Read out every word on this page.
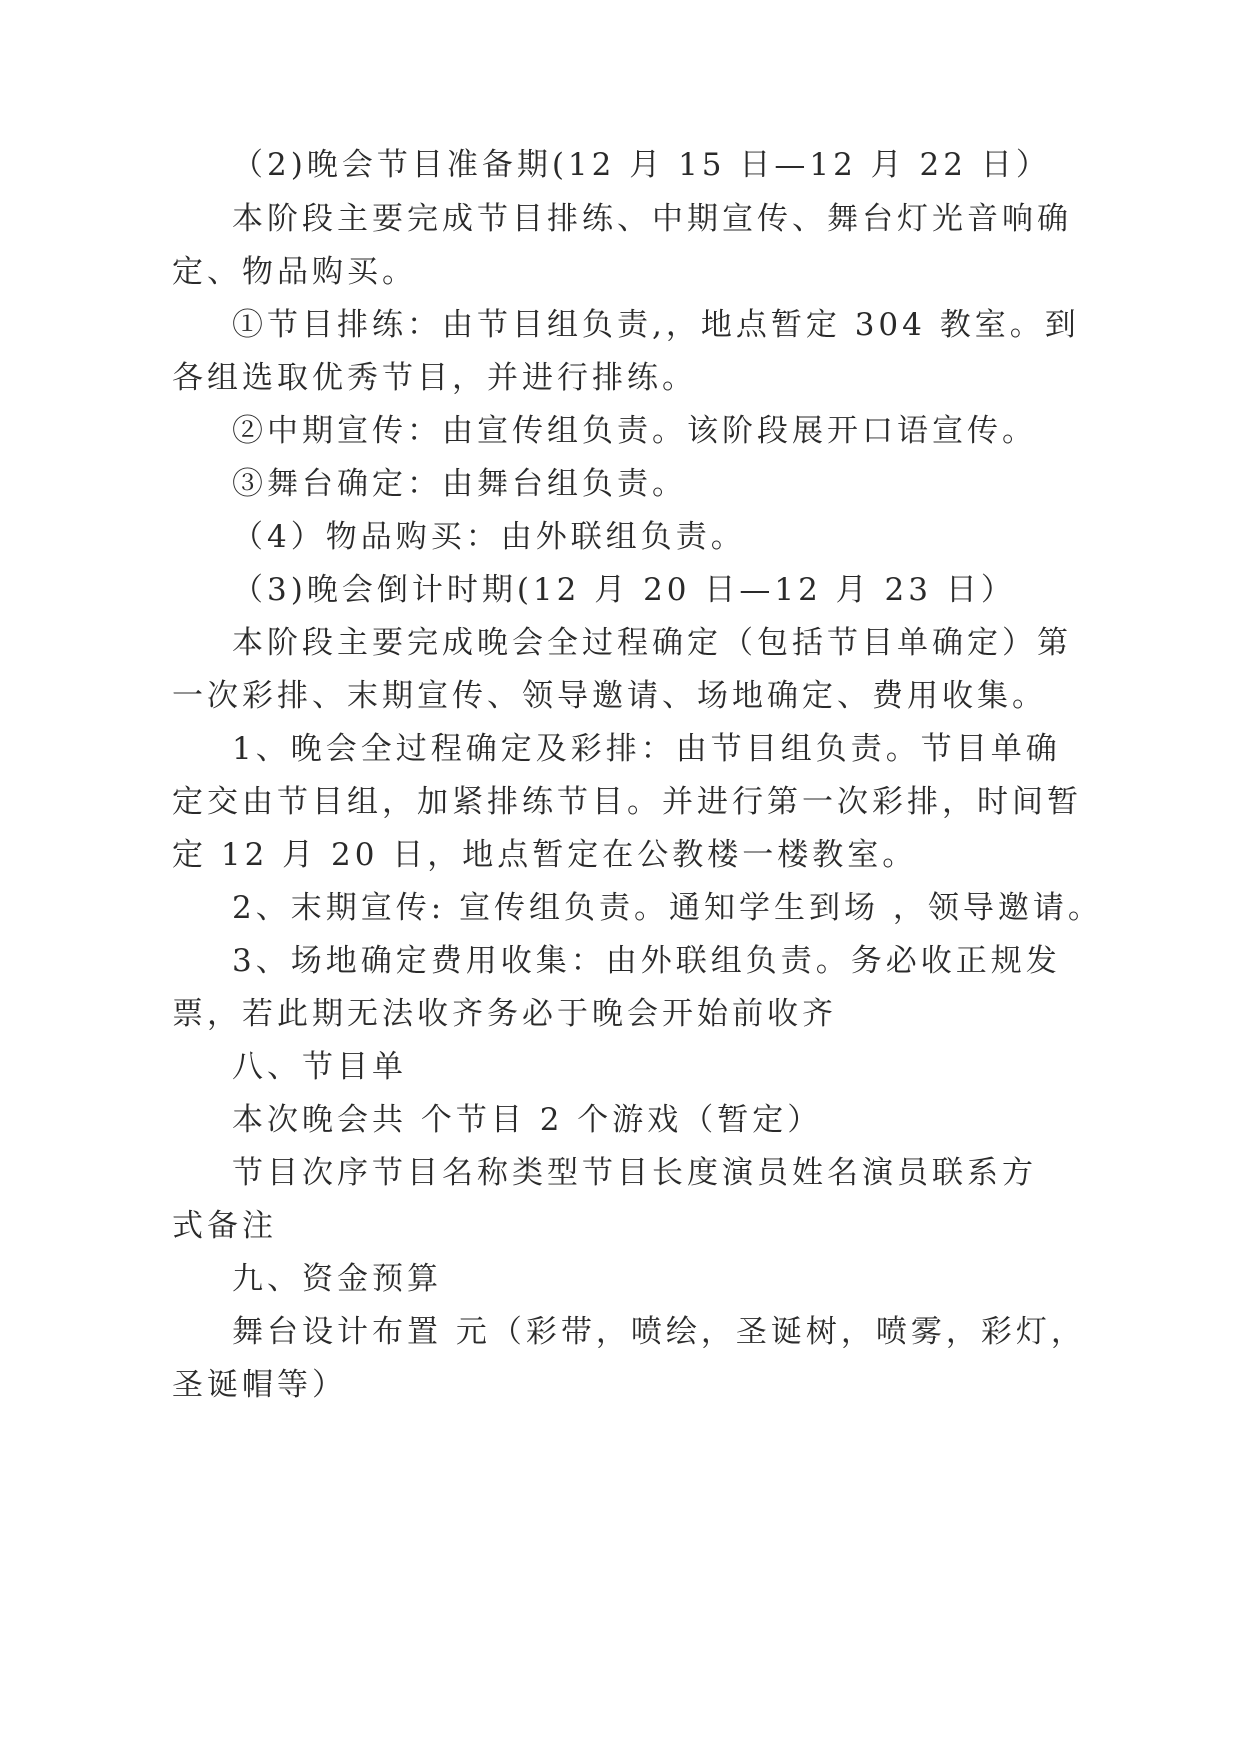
（2)晚会节目准备期(12 月 15 日—12 月 22 日）
本阶段主要完成节目排练、中期宣传、舞台灯光音响确
定、物品购买。
①节目排练：由节目组负责,，地点暂定 304 教室。到
各组选取优秀节目，并进行排练。
②中期宣传：由宣传组负责。该阶段展开口语宣传。
③舞台确定：由舞台组负责。
（4）物品购买：由外联组负责。
（3)晚会倒计时期(12 月 20 日—12 月 23 日）
本阶段主要完成晚会全过程确定（包括节目单确定）第
一次彩排、末期宣传、领导邀请、场地确定、费用收集。
1、晚会全过程确定及彩排：由节目组负责。节目单确
定交由节目组，加紧排练节目。并进行第一次彩排，时间暂
定 12 月 20 日，地点暂定在公教楼一楼教室。
2、末期宣传: 宣传组负责。通知学生到场 ，领导邀请。
3、场地确定费用收集：由外联组负责。务必收正规发
票，若此期无法收齐务必于晚会开始前收齐
八、节目单
本次晚会共 个节目 2 个游戏（暂定）
节目次序节目名称类型节目长度演员姓名演员联系方
式备注
九、资金预算
舞台设计布置 元（彩带，喷绘，圣诞树，喷雾，彩灯，
圣诞帽等）
